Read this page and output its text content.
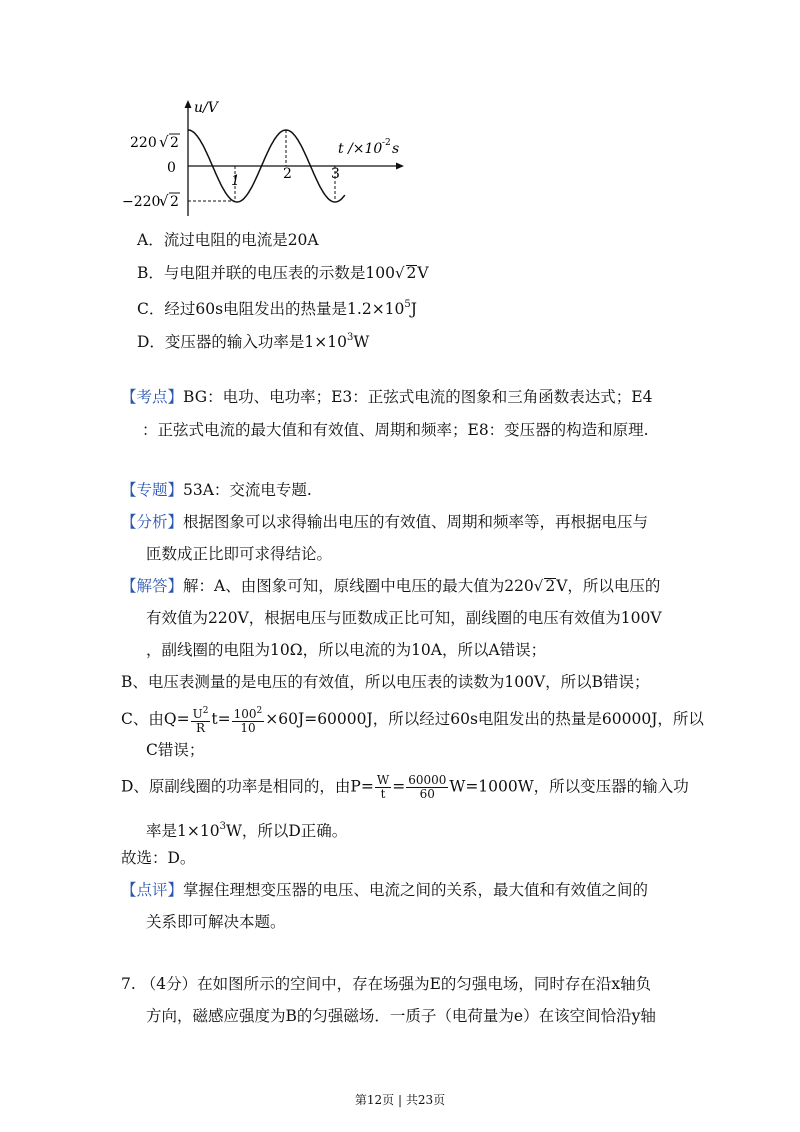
u/V
220 √ 2
0
−220
√ 2
1	2	3
t /×10 -2 s
A．流过电阻的电流是20A
B．与电阻并联的电压表的示数是100√ 2V
C．经过60s电阻发出的热量是$1.2\times 10^5J$
D．变压器的输入功率是$1\times 10^3W$
【考点】BG：电功、电功率；E3：正弦式电流的图象和三角函数表达式；E4
：正弦式电流的最大值和有效值、周期和频率；E8：变压器的构造和原理.
【专题】53A：交流电专题.
【分析】根据图象可以求得输出电压的有效值、周期和频率等，再根据电压与
匝数成正比即可求得结论。
【解答】解：A、由图象可知，原线圈中电压的最大值为220√ 2V，所以电压的
有效值为220V，根据电压与匝数成正比可知，副线圈的电压有效值为100V
，副线圈的电阻为10Ω，所以电流的为10A，所以A错误；
B、电压表测量的是电压的有效值，所以电压表的读数为100V，所以B错误；
C、由$Q= \frac{U^2}{R} t= \frac{100^2}{10} \times 60J=60000J$，所以经过60s电阻发出的热量是60000J，所以
C错误；
D、原副线圈的功率是相同的，由$P= \frac{W}{t} = \frac{60000}{60} W=1000W$，所以变压器的输入功
率是$1\times 10^3W$，所以D正确。
故选：D。
【点评】掌握住理想变压器的电压、电流之间的关系，最大值和有效值之间的
关系即可解决本题。
7. （4分）在如图所示的空间中，存在场强为E的匀强电场，同时存在沿x轴负
方向，磁感应强度为B的匀强磁场．一质子（电荷量为e）在该空间恰沿y轴
第12页 | 共23页
